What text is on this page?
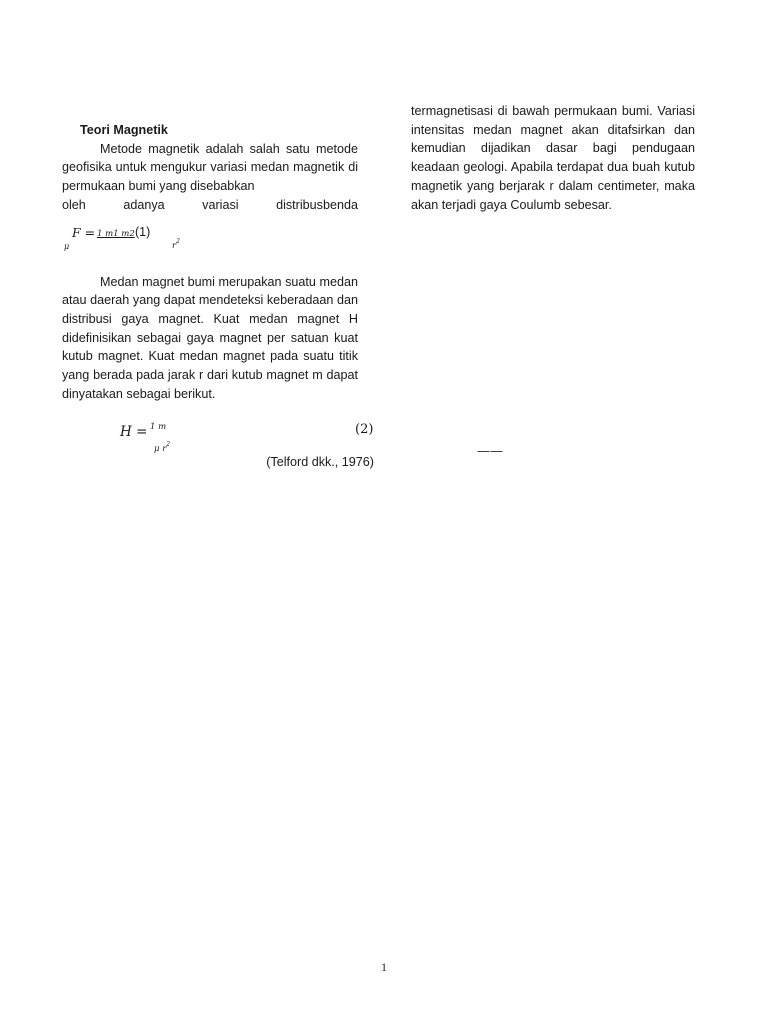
Teori Magnetik

Metode magnetik adalah salah satu metode geofisika untuk mengukur variasi medan magnetik di permukaan bumi yang disebabkan
oleh adanya variasi distribusbenda

μ
F = 1 m1 m2 (1)
$r^2$

Medan magnet bumi merupakan suatu medan atau daerah yang dapat mendeteksi keberadaan dan distribusi gaya magnet. Kuat medan magnet H didefinisikan sebagai gaya magnet per satuan kuat kutub magnet. Kuat medan magnet pada suatu titik yang berada pada jarak r dari kutub magnet m dapat dinyatakan sebagai berikut.

H = 1 m
μ $r^2$
(2)
(Telford dkk., 1976)

termagnetisasi di bawah permukaan bumi. Variasi intensitas medan magnet akan ditafsirkan dan kemudian dijadikan dasar bagi pendugaan keadaan geologi. Apabila terdapat dua buah kutub magnetik yang berjarak r dalam centimeter, maka akan terjadi gaya Coulumb sebesar.

——
1
